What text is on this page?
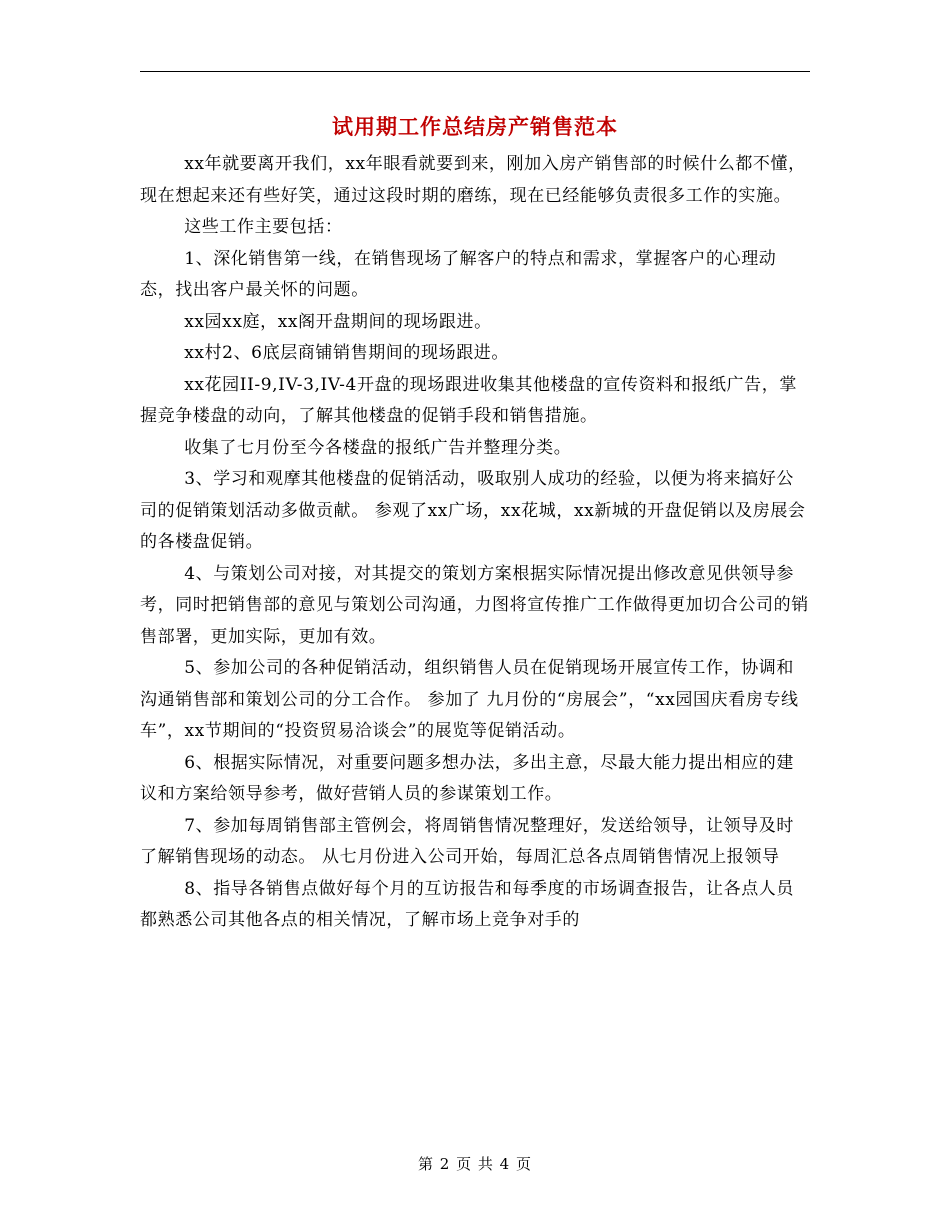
试用期工作总结房产销售范本

xx年就要离开我们，xx年眼看就要到来，刚加入房产销售部的时候什么都不懂，现在想起来还有些好笑，通过这段时期的磨练，现在已经能够负责很多工作的实施。

这些工作主要包括：

1、深化销售第一线，在销售现场了解客户的特点和需求，掌握客户的心理动态，找出客户最关怀的问题。

xx园xx庭，xx阁开盘期间的现场跟进。

xx村2、6底层商铺销售期间的现场跟进。

xx花园II-9,IV-3,IV-4开盘的现场跟进收集其他楼盘的宣传资料和报纸广告，掌握竞争楼盘的动向，了解其他楼盘的促销手段和销售措施。

收集了七月份至今各楼盘的报纸广告并整理分类。

3、学习和观摩其他楼盘的促销活动，吸取别人成功的经验，以便为将来搞好公司的促销策划活动多做贡献。 参观了xx广场，xx花城，xx新城的开盘促销以及房展会的各楼盘促销。

4、与策划公司对接，对其提交的策划方案根据实际情况提出修改意见供领导参考，同时把销售部的意见与策划公司沟通，力图将宣传推广工作做得更加切合公司的销售部署，更加实际，更加有效。

5、参加公司的各种促销活动，组织销售人员在促销现场开展宣传工作，协调和沟通销售部和策划公司的分工合作。 参加了 九月份的“房展会”，“xx园国庆看房专线车”，xx节期间的“投资贸易洽谈会”的展览等促销活动。

6、根据实际情况，对重要问题多想办法，多出主意，尽最大能力提出相应的建议和方案给领导参考，做好营销人员的参谋策划工作。

7、参加每周销售部主管例会，将周销售情况整理好，发送给领导，让领导及时了解销售现场的动态。 从七月份进入公司开始，每周汇总各点周销售情况上报领导

8、指导各销售点做好每个月的互访报告和每季度的市场调查报告，让各点人员都熟悉公司其他各点的相关情况，了解市场上竞争对手的

第 2 页 共 4 页
